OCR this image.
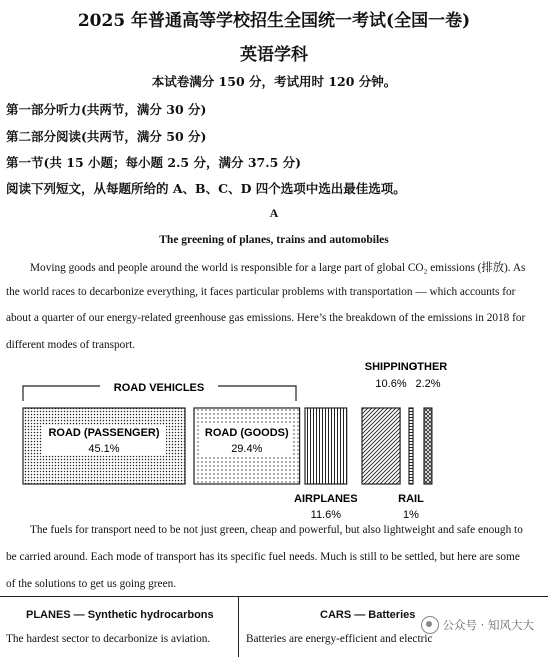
2025 年普通高等学校招生全国统一考试(全国一卷)
英语学科
本试卷满分 150 分，考试用时 120 分钟。
第一部分听力(共两节，满分 30 分)
第二部分阅读(共两节，满分 50 分)
第一节(共 15 小题；每小题 2.5 分，满分 37.5 分)
阅读下列短文，从每题所给的 A、B、C、D 四个选项中选出最佳选项。
A
The greening of planes, trains and automobiles
Moving goods and people around the world is responsible for a large part of global CO₂ emissions (排放). As
the world races to decarbonize everything, it faces particular problems with transportation — which accounts for
about a quarter of our energy-related greenhouse gas emissions. Here’s the breakdown of the emissions in 2018 for
different modes of transport.
ROAD VEHICLES
ROAD (PASSENGER)
45.1%
ROAD (GOODS)
29.4%
AIRPLANES
11.6%
SHIPPING
10.6%
RAIL
1%
OTHER
2.2%
The fuels for transport need to be not just green, cheap and powerful, but also lightweight and safe enough to
be carried around. Each mode of transport has its specific fuel needs. Much is still to be settled, but here are some
of the solutions to get us going green.
PLANES — Synthetic hydrocarbons	CARS — Batteries
The hardest sector to decarbonize is aviation.	Batteries are energy-efficient and electric
公众号 · 知风大大
